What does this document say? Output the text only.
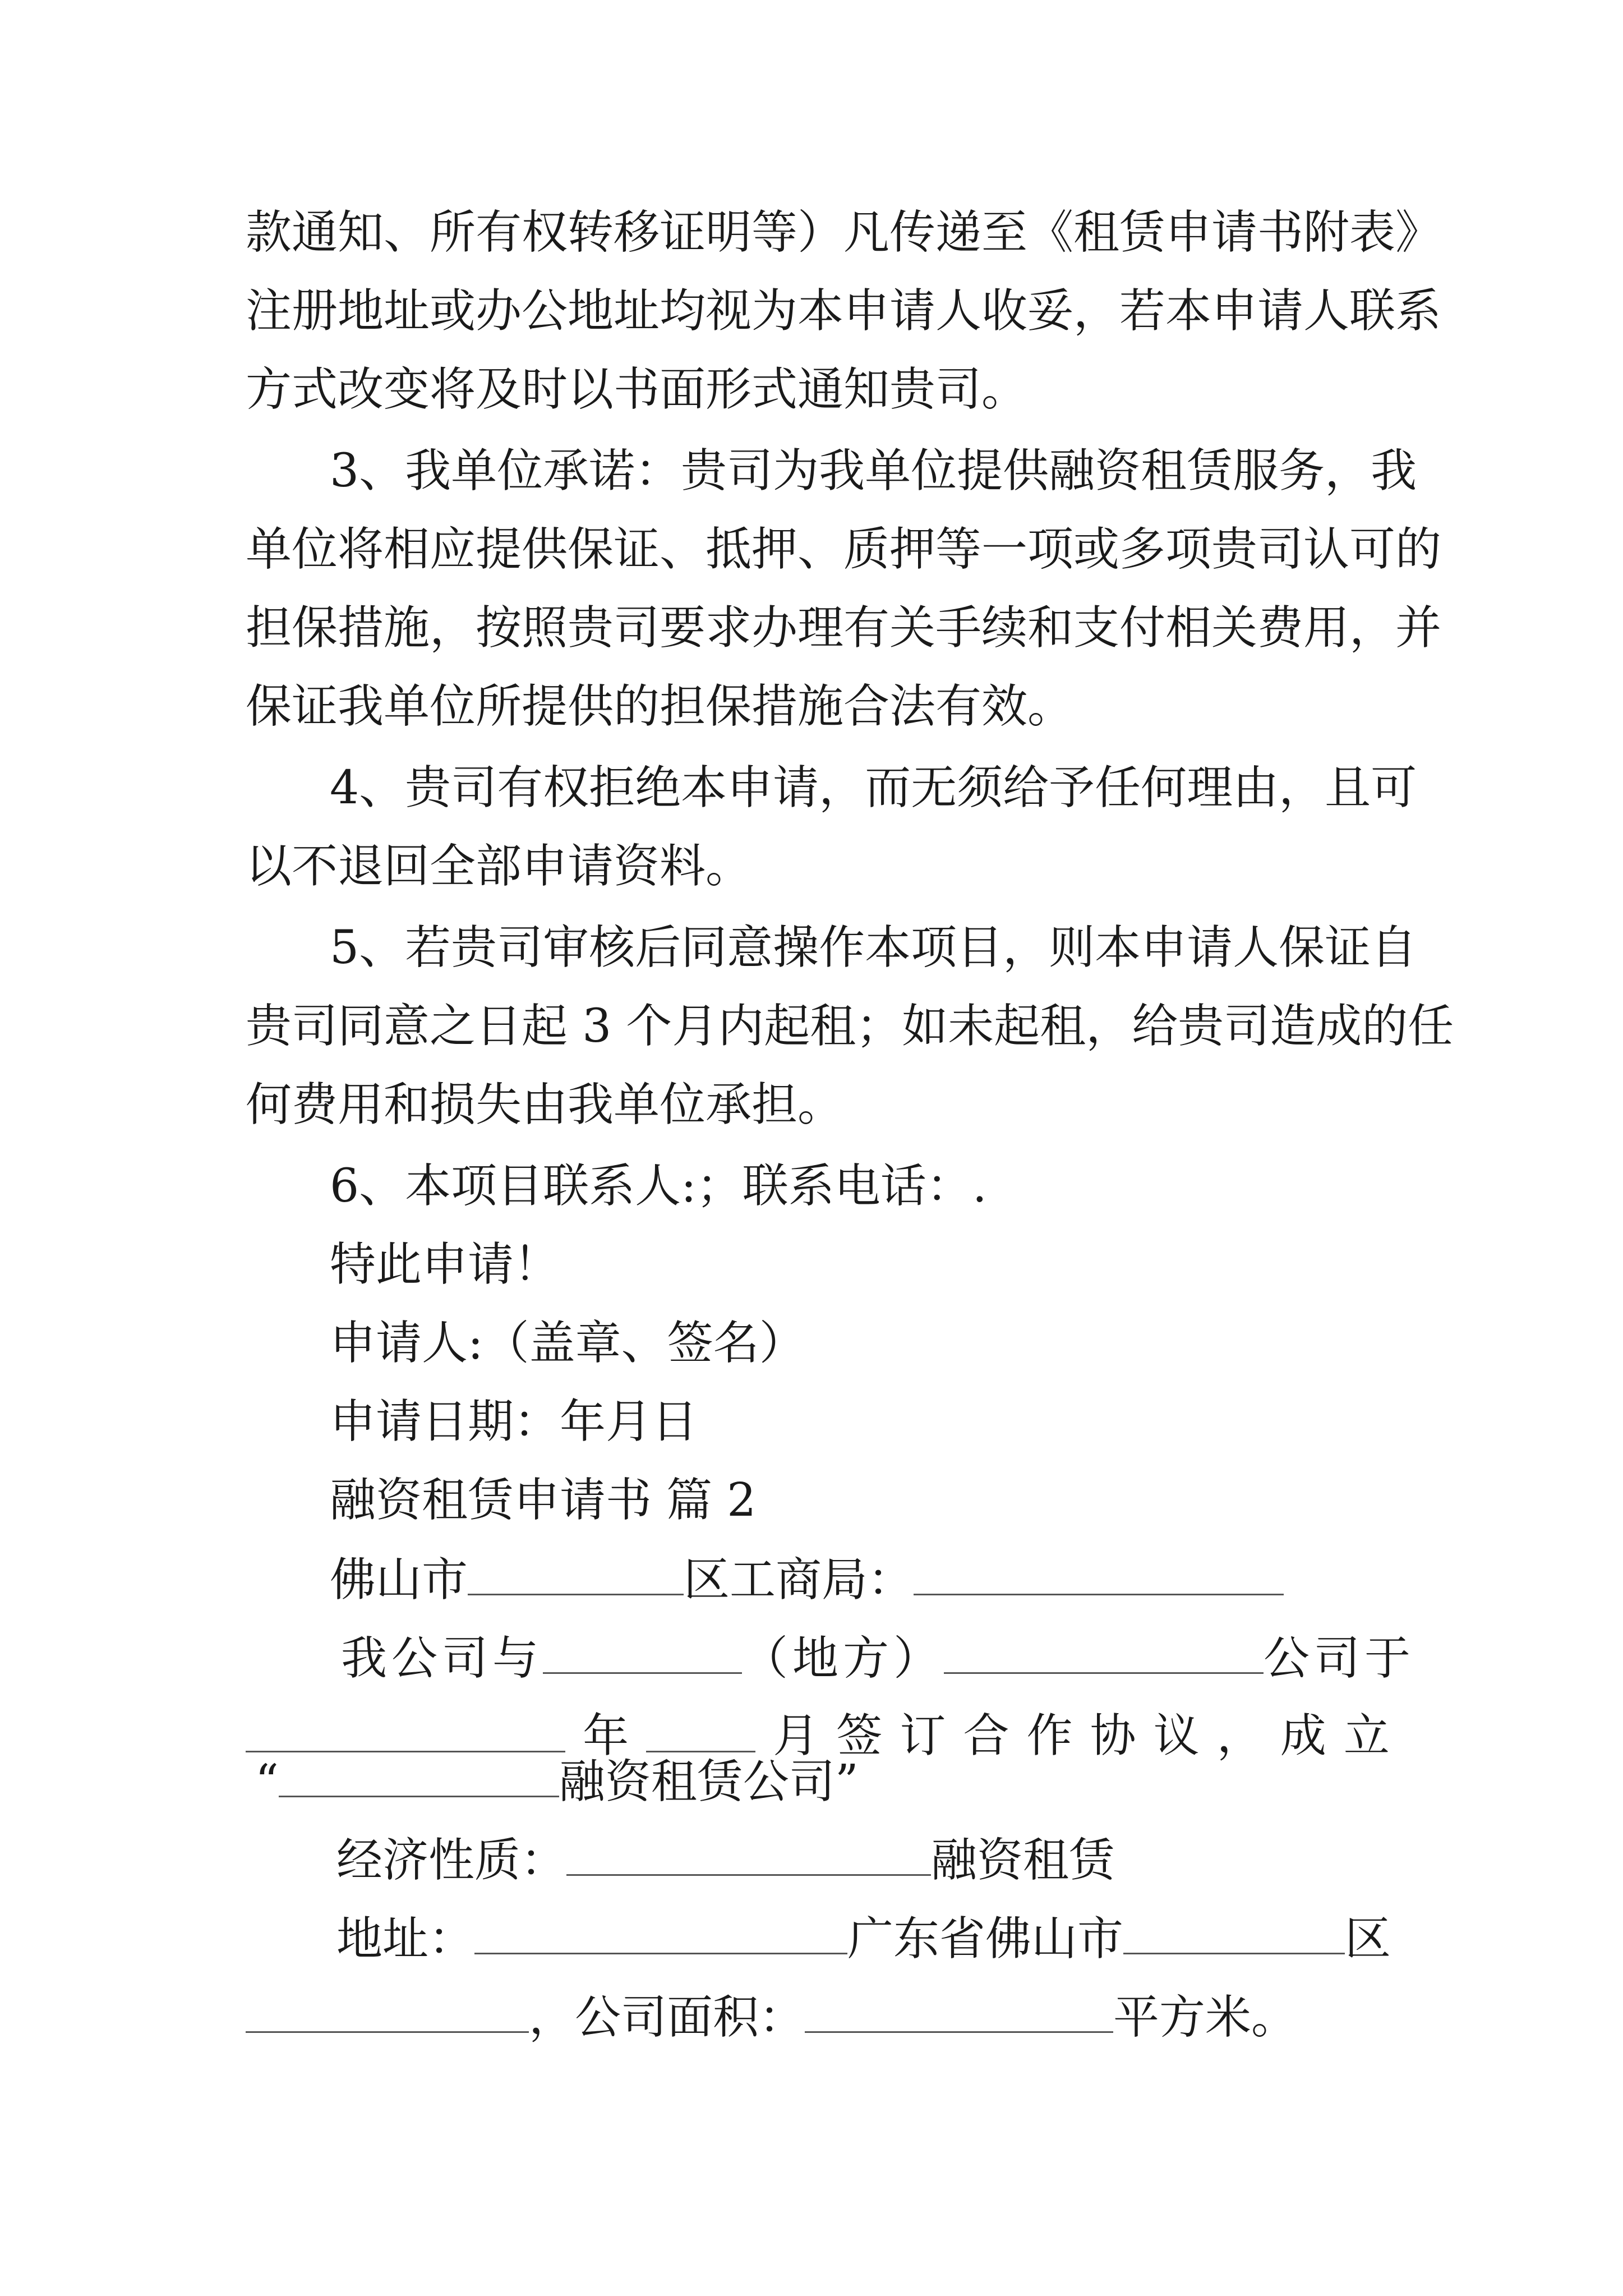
款通知、所有权转移证明等）凡传递至《租赁申请书附表》
注册地址或办公地址均视为本申请人收妥，若本申请人联系
方式改变将及时以书面形式通知贵司。
3、我单位承诺：贵司为我单位提供融资租赁服务，我
单位将相应提供保证、抵押、质押等一项或多项贵司认可的
担保措施，按照贵司要求办理有关手续和支付相关费用，并
保证我单位所提供的担保措施合法有效。
4、贵司有权拒绝本申请，而无须给予任何理由，且可
以不退回全部申请资料。
5、若贵司审核后同意操作本项目，则本申请人保证自
贵司同意之日起 3 个月内起租；如未起租，给贵司造成的任
何费用和损失由我单位承担。
6、本项目联系人:；联系电话：.
特此申请！
申请人:（盖章、签名）
申请日期：年月日
融资租赁申请书 篇 2
佛山市	区工商局：
我公司与	（地方）	公司于
年	月 签 订 合 作 协 议 ， 成 立
“	融资租赁公司”
经济性质：	融资租赁
地址：	广东省佛山市	区
，公司面积：	平方米。
